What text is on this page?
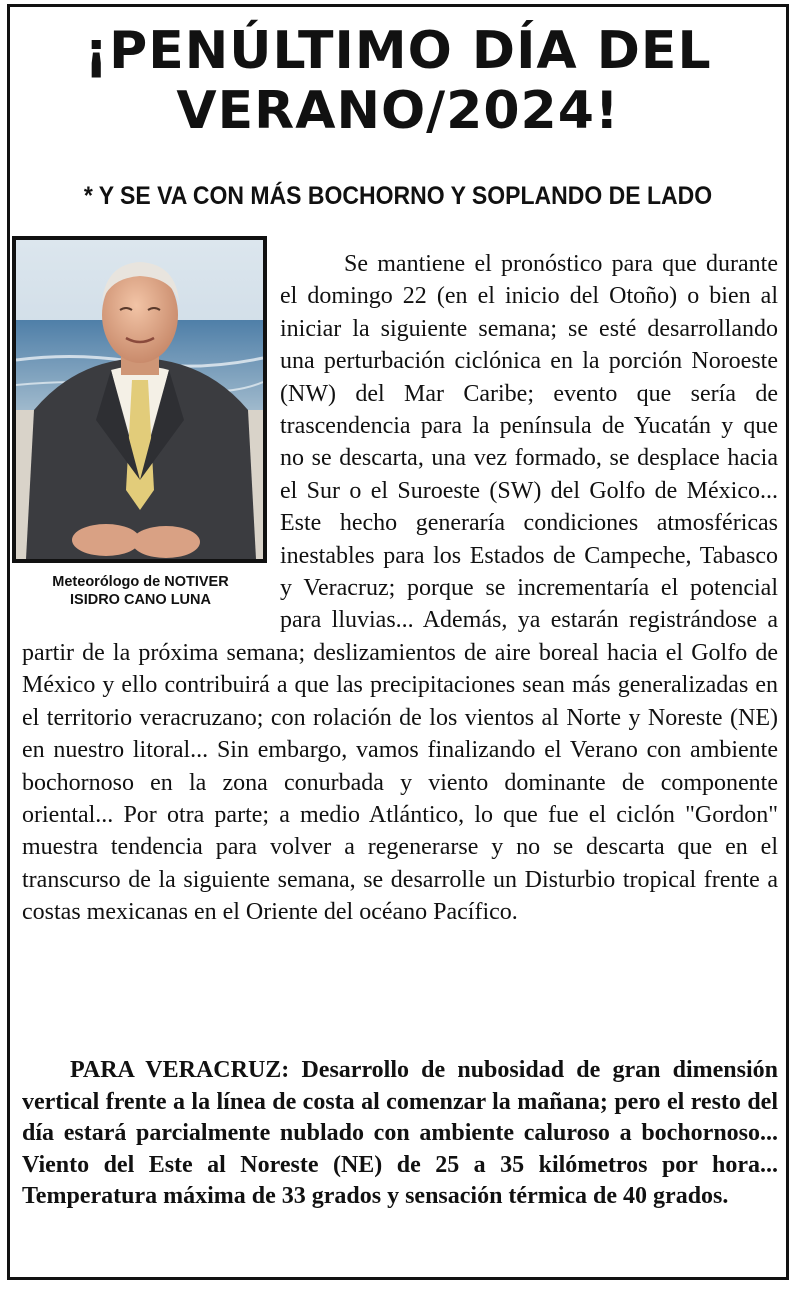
¡PENÚLTIMO DÍA DEL
VERANO/2024!
* Y SE VA CON MÁS BOCHORNO Y SOPLANDO DE LADO
Meteorólogo de NOTIVER
ISIDRO CANO LUNA

Se mantiene el pronóstico para que durante el domingo 22 (en el inicio del Otoño) o bien al iniciar la siguiente semana; se esté desarrollando una perturbación ciclónica en la porción Noroeste (NW) del Mar Caribe; evento que sería de trascendencia para la península de Yucatán y que no se descarta, una vez formado, se desplace hacia el Sur o el Suroeste (SW) del Golfo de México... Este hecho generaría condiciones atmosféricas inestables para los Estados de Campeche, Tabasco y Veracruz; porque se incrementaría el potencial para lluvias... Además, ya estarán registrándose a partir de la próxima semana; deslizamientos de aire boreal hacia el Golfo de México y ello contribuirá a que las precipitaciones sean más generalizadas en el territorio veracruzano; con rolación de los vientos al Norte y Noreste (NE) en nuestro litoral... Sin embargo, vamos finalizando el Verano con ambiente bochornoso en la zona conurbada y viento dominante de componente oriental... Por otra parte; a medio Atlántico, lo que fue el ciclón "Gordon" muestra tendencia para volver a regenerarse y no se descarta que en el transcurso de la siguiente semana, se desarrolle un Disturbio tropical frente a costas mexicanas en el Oriente del océano Pacífico.

PARA VERACRUZ: Desarrollo de nubosidad de gran dimensión vertical frente a la línea de costa al comenzar la mañana; pero el resto del día estará parcialmente nublado con ambiente caluroso a bochornoso... Viento del Este al Noreste (NE) de 25 a 35 kilómetros por hora... Temperatura máxima de 33 grados y sensación térmica de 40 grados.
